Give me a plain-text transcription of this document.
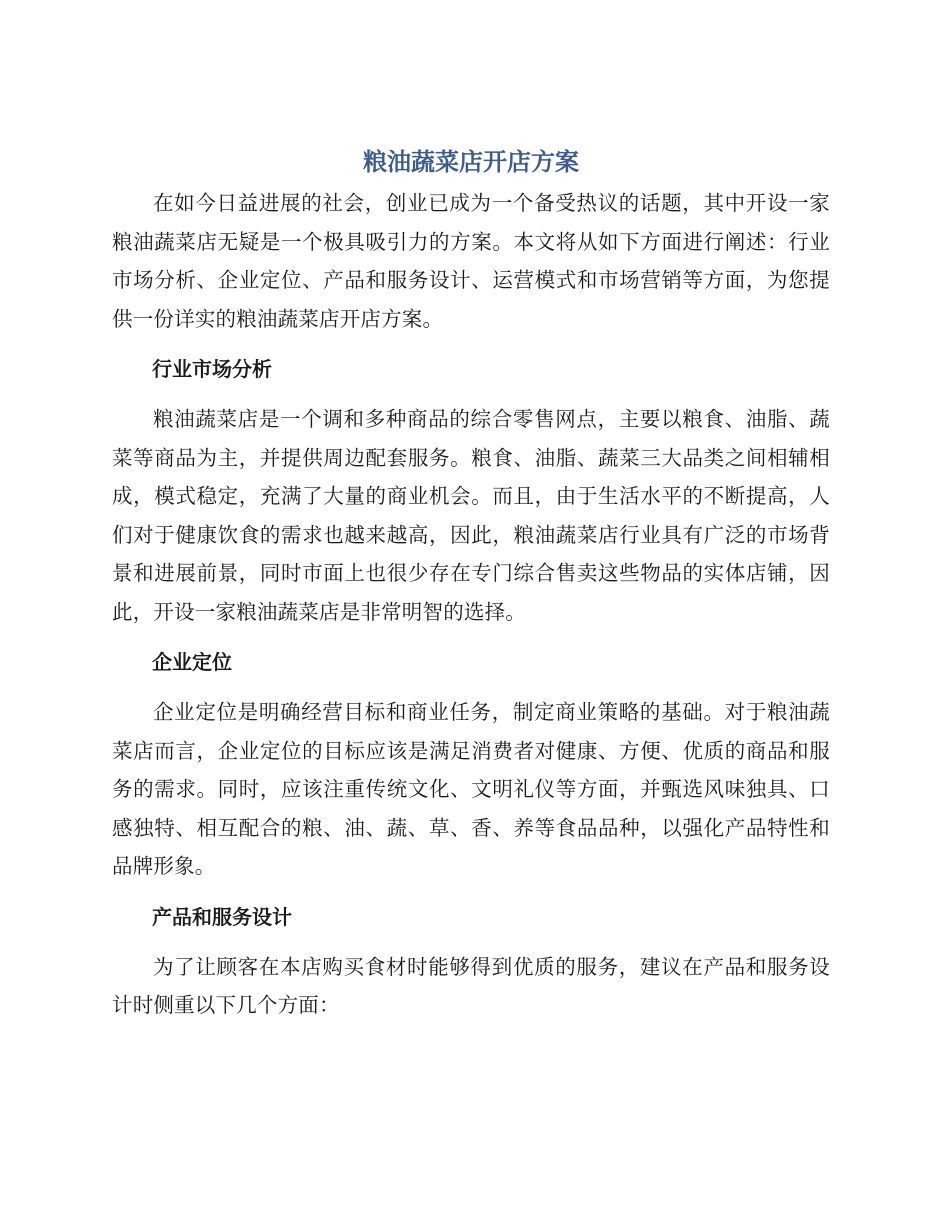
粮油蔬菜店开店方案

在如今日益进展的社会，创业已成为一个备受热议的话题，其中开设一家粮油蔬菜店无疑是一个极具吸引力的方案。本文将从如下方面进行阐述：行业市场分析、企业定位、产品和服务设计、运营模式和市场营销等方面，为您提供一份详实的粮油蔬菜店开店方案。

行业市场分析

粮油蔬菜店是一个调和多种商品的综合零售网点，主要以粮食、油脂、蔬菜等商品为主，并提供周边配套服务。粮食、油脂、蔬菜三大品类之间相辅相成，模式稳定，充满了大量的商业机会。而且，由于生活水平的不断提高，人们对于健康饮食的需求也越来越高，因此，粮油蔬菜店行业具有广泛的市场背景和进展前景，同时市面上也很少存在专门综合售卖这些物品的实体店铺，因此，开设一家粮油蔬菜店是非常明智的选择。

企业定位

企业定位是明确经营目标和商业任务，制定商业策略的基础。对于粮油蔬菜店而言，企业定位的目标应该是满足消费者对健康、方便、优质的商品和服务的需求。同时，应该注重传统文化、文明礼仪等方面，并甄选风味独具、口感独特、相互配合的粮、油、蔬、草、香、养等食品品种，以强化产品特性和品牌形象。

产品和服务设计

为了让顾客在本店购买食材时能够得到优质的服务，建议在产品和服务设计时侧重以下几个方面：
